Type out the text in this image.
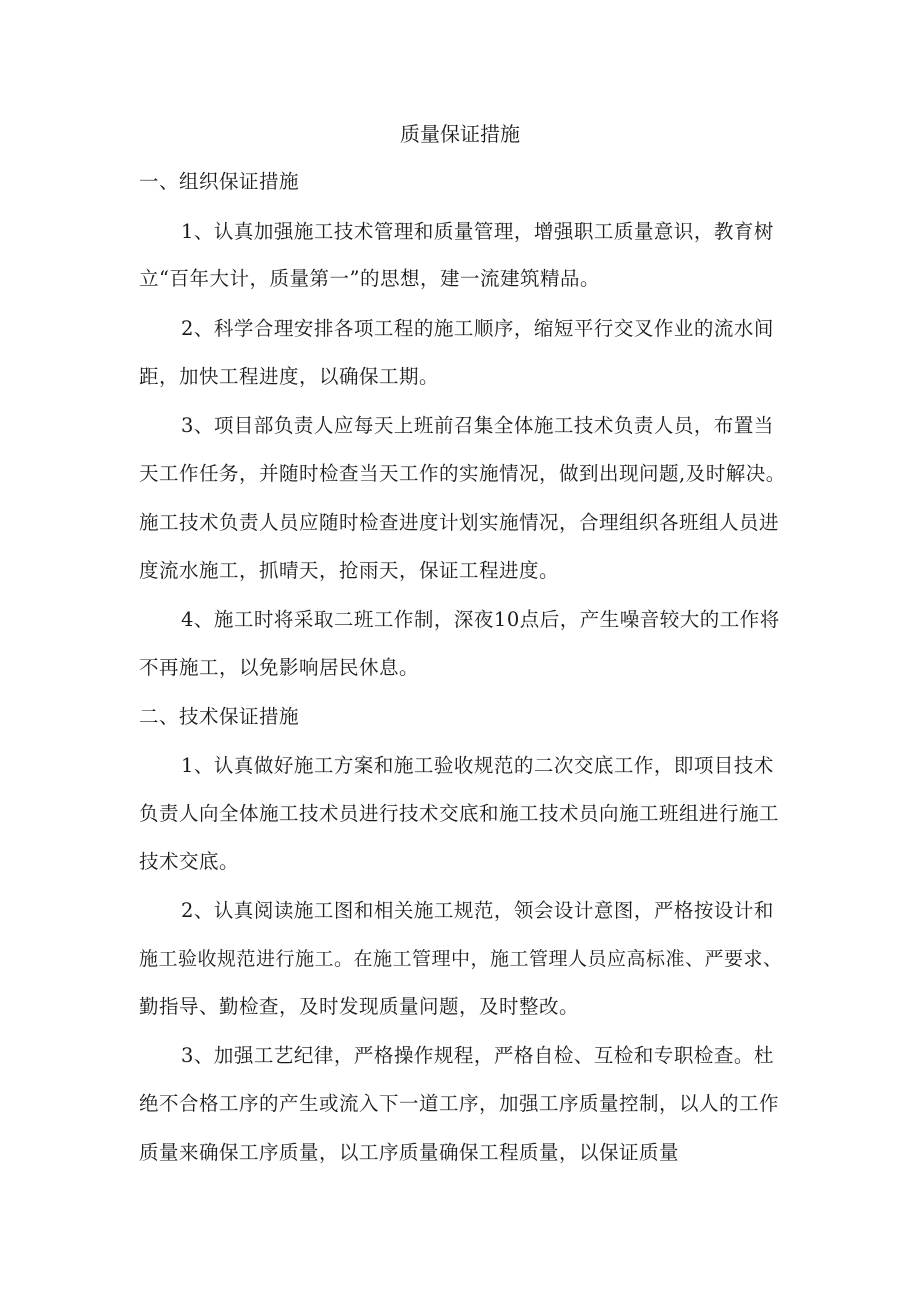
质量保证措施
一、组织保证措施
1、认真加强施工技术管理和质量管理，增强职工质量意识，教育树
立“百年大计，质量第一”的思想，建一流建筑精品。
2、科学合理安排各项工程的施工顺序，缩短平行交叉作业的流水间
距，加快工程进度，以确保工期。
3、项目部负责人应每天上班前召集全体施工技术负责人员，布置当
天工作任务，并随时检查当天工作的实施情况，做到出现问题,及时解决。
施工技术负责人员应随时检查进度计划实施情况，合理组织各班组人员进
度流水施工，抓晴天，抢雨天，保证工程进度。
4、施工时将采取二班工作制，深夜10点后，产生噪音较大的工作将
不再施工，以免影响居民休息。
二、技术保证措施
1、认真做好施工方案和施工验收规范的二次交底工作，即项目技术
负责人向全体施工技术员进行技术交底和施工技术员向施工班组进行施工
技术交底。
2、认真阅读施工图和相关施工规范，领会设计意图，严格按设计和
施工验收规范进行施工。在施工管理中，施工管理人员应高标准、严要求、
勤指导、勤检查，及时发现质量问题，及时整改。
3、加强工艺纪律，严格操作规程，严格自检、互检和专职检查。杜
绝不合格工序的产生或流入下一道工序，加强工序质量控制，以人的工作
质量来确保工序质量，以工序质量确保工程质量，以保证质量
